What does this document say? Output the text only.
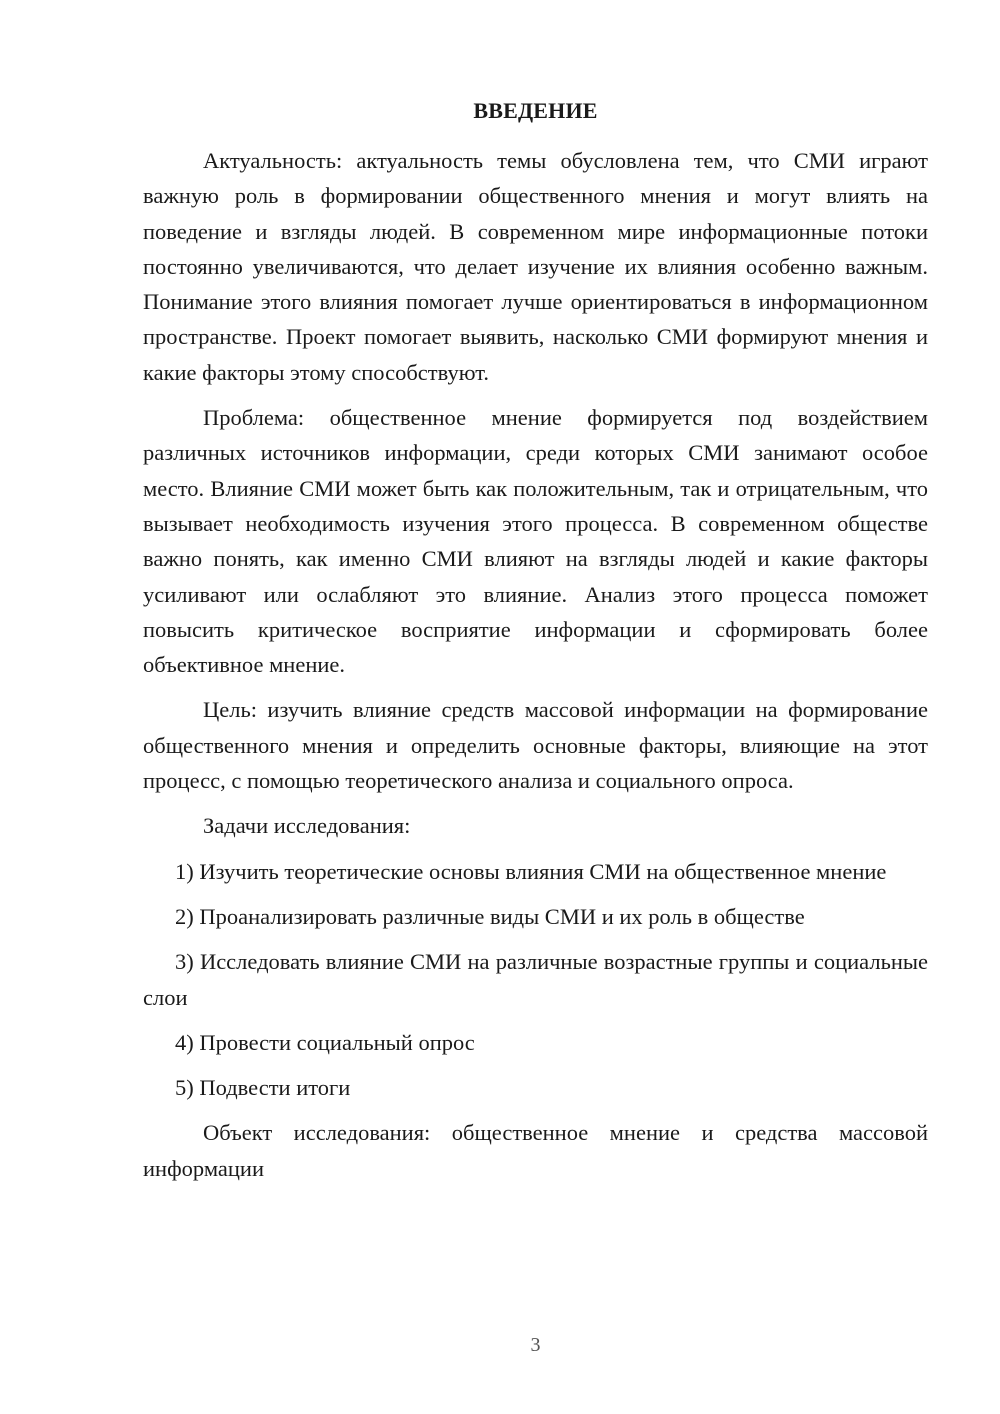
ВВЕДЕНИЕ

Актуальность: актуальность темы обусловлена тем, что СМИ играют важную роль в формировании общественного мнения и могут влиять на поведение и взгляды людей. В современном мире информационные потоки постоянно увеличиваются, что делает изучение их влияния особенно важным. Понимание этого влияния помогает лучше ориентироваться в информационном пространстве. Проект помогает выявить, насколько СМИ формируют мнения и какие факторы этому способствуют.

Проблема: общественное мнение формируется под воздействием различных источников информации, среди которых СМИ занимают особое место. Влияние СМИ может быть как положительным, так и отрицательным, что вызывает необходимость изучения этого процесса. В современном обществе важно понять, как именно СМИ влияют на взгляды людей и какие факторы усиливают или ослабляют это влияние. Анализ этого процесса поможет повысить критическое восприятие информации и сформировать более объективное мнение.

Цель: изучить влияние средств массовой информации на формирование общественного мнения и определить основные факторы, влияющие на этот процесс, с помощью теоретического анализа и социального опроса.

Задачи исследования:

1) Изучить теоретические основы влияния СМИ на общественное мнение

2) Проанализировать различные виды СМИ и их роль в обществе

3) Исследовать влияние СМИ на различные возрастные группы и социальные слои

4) Провести социальный опрос

5) Подвести итоги

Объект исследования: общественное мнение и средства массовой информации

3
